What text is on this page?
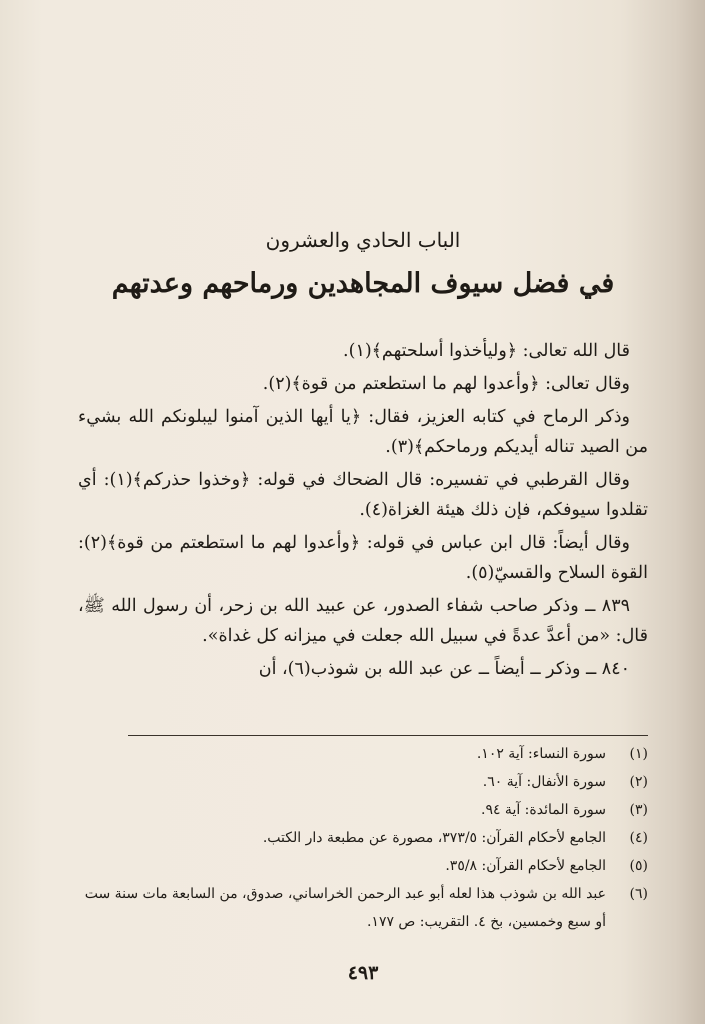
الباب الحادي والعشرون
في فضل سيوف المجاهدين ورماحهم وعدتهم

قال الله تعالى: ﴿وليأخذوا أسلحتهم﴾(١).

وقال تعالى: ﴿وأعدوا لهم ما استطعتم من قوة﴾(٢).

وذكر الرماح في كتابه العزيز، فقال: ﴿يا أيها الذين آمنوا ليبلونكم الله بشيء من الصيد تناله أيديكم ورماحكم﴾(٣).

وقال القرطبي في تفسيره: قال الضحاك في قوله: ﴿وخذوا حذركم﴾(١): أي تقلدوا سيوفكم، فإن ذلك هيئة الغزاة(٤).

وقال أيضاً: قال ابن عباس في قوله: ﴿وأعدوا لهم ما استطعتم من قوة﴾(٢): القوة السلاح والقسيّ(٥).

٨٣٩ ــ وذكر صاحب شفاء الصدور، عن عبيد الله بن زحر، أن رسول الله ﷺ، قال: «من أعدَّ عدةً في سبيل الله جعلت في ميزانه كل غداة».

٨٤٠ ــ وذكر ــ أيضاً ــ عن عبد الله بن شوذب(٦)، أن

(١)
سورة النساء: آية ١٠٢.
(٢)
سورة الأنفال: آية ٦٠.
(٣)
سورة المائدة: آية ٩٤.
(٤)
الجامع لأحكام القرآن: ٣٧٣/٥، مصورة عن مطبعة دار الكتب.
(٥)
الجامع لأحكام القرآن: ٣٥/٨.
(٦)
عبد الله بن شوذب هذا لعله أبو عبد الرحمن الخراساني، صدوق، من السابعة مات سنة ست أو سبع وخمسين، بخ ٤. التقريب: ص ١٧٧.
٤٩٣
